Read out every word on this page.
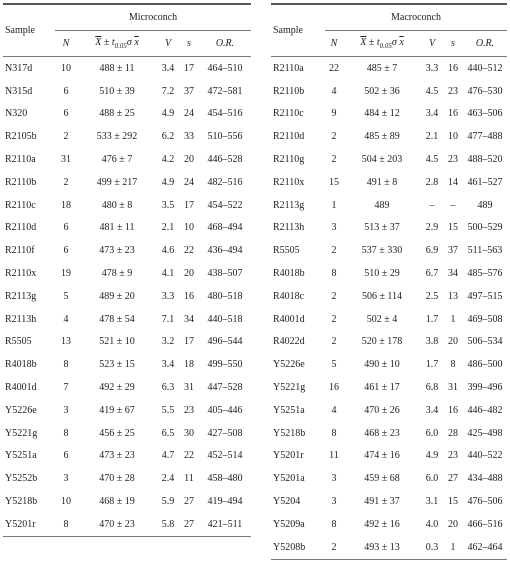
Sample	Microconch				
	N	$\overline{X} \pm t_{0.05}\sigma$ $\overline{x}$	V	s	O.R.
N317d	10	488 ± 11	3.4	17	464–510
N315d	6	510 ± 39	7.2	37	472–581
N320	6	488 ± 25	4.9	24	454–516
R2105b	2	533 ± 292	6.2	33	510–556
R2110a	31	476 ± 7	4.2	20	446–528
R2110b	2	499 ± 217	4.9	24	482–516
R2110c	18	480 ± 8	3.5	17	454–522
R2110d	6	481 ± 11	2.1	10	468–494
R2110f	6	473 ± 23	4.6	22	436–494
R2110x	19	478 ± 9	4.1	20	438–507
R2113g	5	489 ± 20	3.3	16	480–518
R2113h	4	478 ± 54	7.1	34	440–518
R5505	13	521 ± 10	3.2	17	496–544
R4018b	8	523 ± 15	3.4	18	499–550
R4001d	7	492 ± 29	6.3	31	447–528
Y5226e	3	419 ± 67	5.5	23	405–446
Y5221g	8	456 ± 25	6.5	30	427–508
Y5251a	6	473 ± 23	4.7	22	452–514
Y5252b	3	470 ± 28	2.4	11	458–480
Y5218b	10	468 ± 19	5.9	27	419–494
Y5201r	8	470 ± 23	5.8	27	421–511
Sample	Macroconch				
	N	$\overline{X} \pm t_{0.05}\sigma$ $\overline{x}$	V	s	O.R.
R2110a	22	485 ± 7	3.3	16	440–512
R2110b	4	502 ± 36	4.5	23	476–530
R2110c	9	484 ± 12	3.4	16	463–506
R2110d	2	485 ± 89	2.1	10	477–488
R2110g	2	504 ± 203	4.5	23	488–520
R2110x	15	491 ± 8	2.8	14	461–527
R2113g	1	489	–	–	489
R2113h	3	513 ± 37	2.9	15	500–529
R5505	2	537 ± 330	6.9	37	511–563
R4018b	8	510 ± 29	6.7	34	485–576
R4018c	2	506 ± 114	2.5	13	497–515
R4001d	2	502 ± 4	1.7	1	469–508
R4022d	2	520 ± 178	3.8	20	506–534
Y5226e	5	490 ± 10	1.7	8	486–500
Y5221g	16	461 ± 17	6.8	31	399–496
Y5251a	4	470 ± 26	3.4	16	446–482
Y5218b	8	468 ± 23	6.0	28	425–498
Y5201r	11	474 ± 16	4.9	23	440–522
Y5201a	3	459 ± 68	6.0	27	434–488
Y5204	3	491 ± 37	3.1	15	476–506
Y5209a	8	492 ± 16	4.0	20	466–516
Y5208b	2	493 ± 13	0.3	1	462–464
